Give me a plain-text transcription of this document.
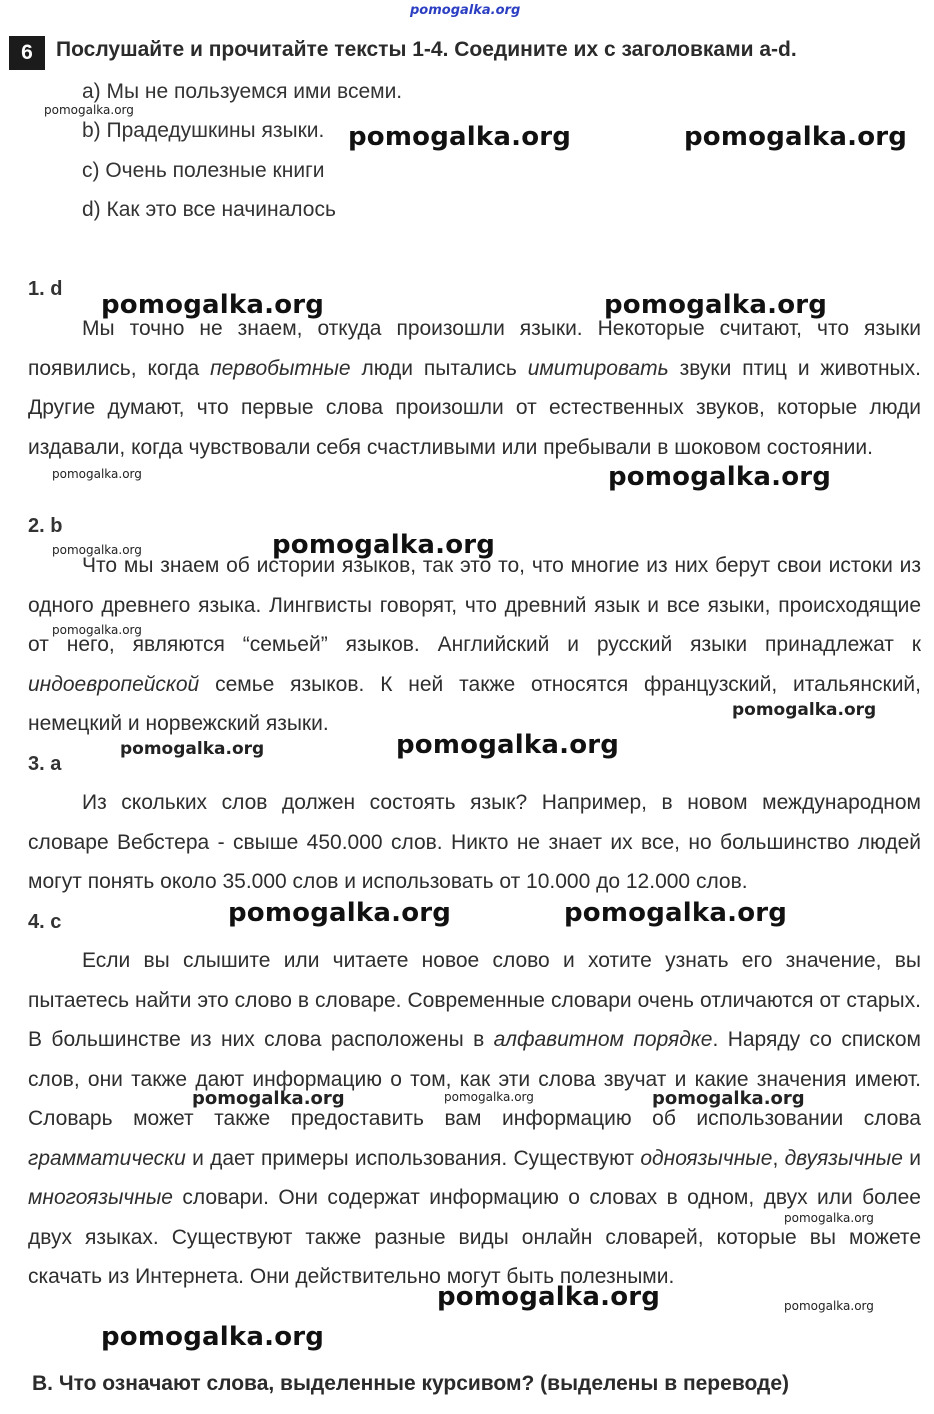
pomogalka.org
6	Послушайте и прочитайте тексты 1-4. Соедините их с заголовками a-d.
a) Мы не пользуемся ими всеми.
b) Прадедушкины языки.
c) Очень полезные книги
d) Как это все начиналось
1. d

Мы точно не знаем, откуда произошли языки. Некоторые считают, что языки появились, когда первобытные люди пытались имитировать звуки птиц и животных. Другие думают, что первые слова произошли от естественных звуков, которые люди издавали, когда чувствовали себя счастливыми или пребывали в шоковом состоянии.

2. b

Что мы знаем об истории языков, так это то, что многие из них берут свои истоки из одного древнего языка. Лингвисты говорят, что древний язык и все языки, происходящие от него, являются “семьей” языков. Английский и русский языки принадлежат к индоевропейской семье языков. К ней также относятся французский, итальянский, немецкий и норвежский языки.

3. a

Из скольких слов должен состоять язык? Например, в новом международном словаре Вебстера - свыше 450.000 слов. Никто не знает их все, но большинство людей могут понять около 35.000 слов и использовать от 10.000 до 12.000 слов.

4. c

Если вы слышите или читаете новое слово и хотите узнать его значение, вы пытаетесь найти это слово в словаре. Современные словари очень отличаются от старых. В большинстве из них слова расположены в алфавитном порядке. Наряду со списком слов, они также дают информацию о том, как эти слова звучат и какие значения имеют. Словарь может также предоставить вам информацию об использовании слова грамматически и дает примеры использования. Существуют одноязычные, двуязычные и многоязычные словари. Они содержат информацию о словах в одном, двух или более двух языках. Существуют также разные виды онлайн словарей, которые вы можете скачать из Интернета. Они действительно могут быть полезными.

В. Что означают слова, выделенные курсивом? (выделены в переводе)
pomogalka.org
pomogalka.org	pomogalka.org
pomogalka.org	pomogalka.org
pomogalka.org	pomogalka.org
pomogalka.org	pomogalka.org
pomogalka.org
pomogalka.org
pomogalka.org	pomogalka.org
pomogalka.org	pomogalka.org
pomogalka.org	pomogalka.org	pomogalka.org
pomogalka.org
pomogalka.org	pomogalka.org
pomogalka.org
